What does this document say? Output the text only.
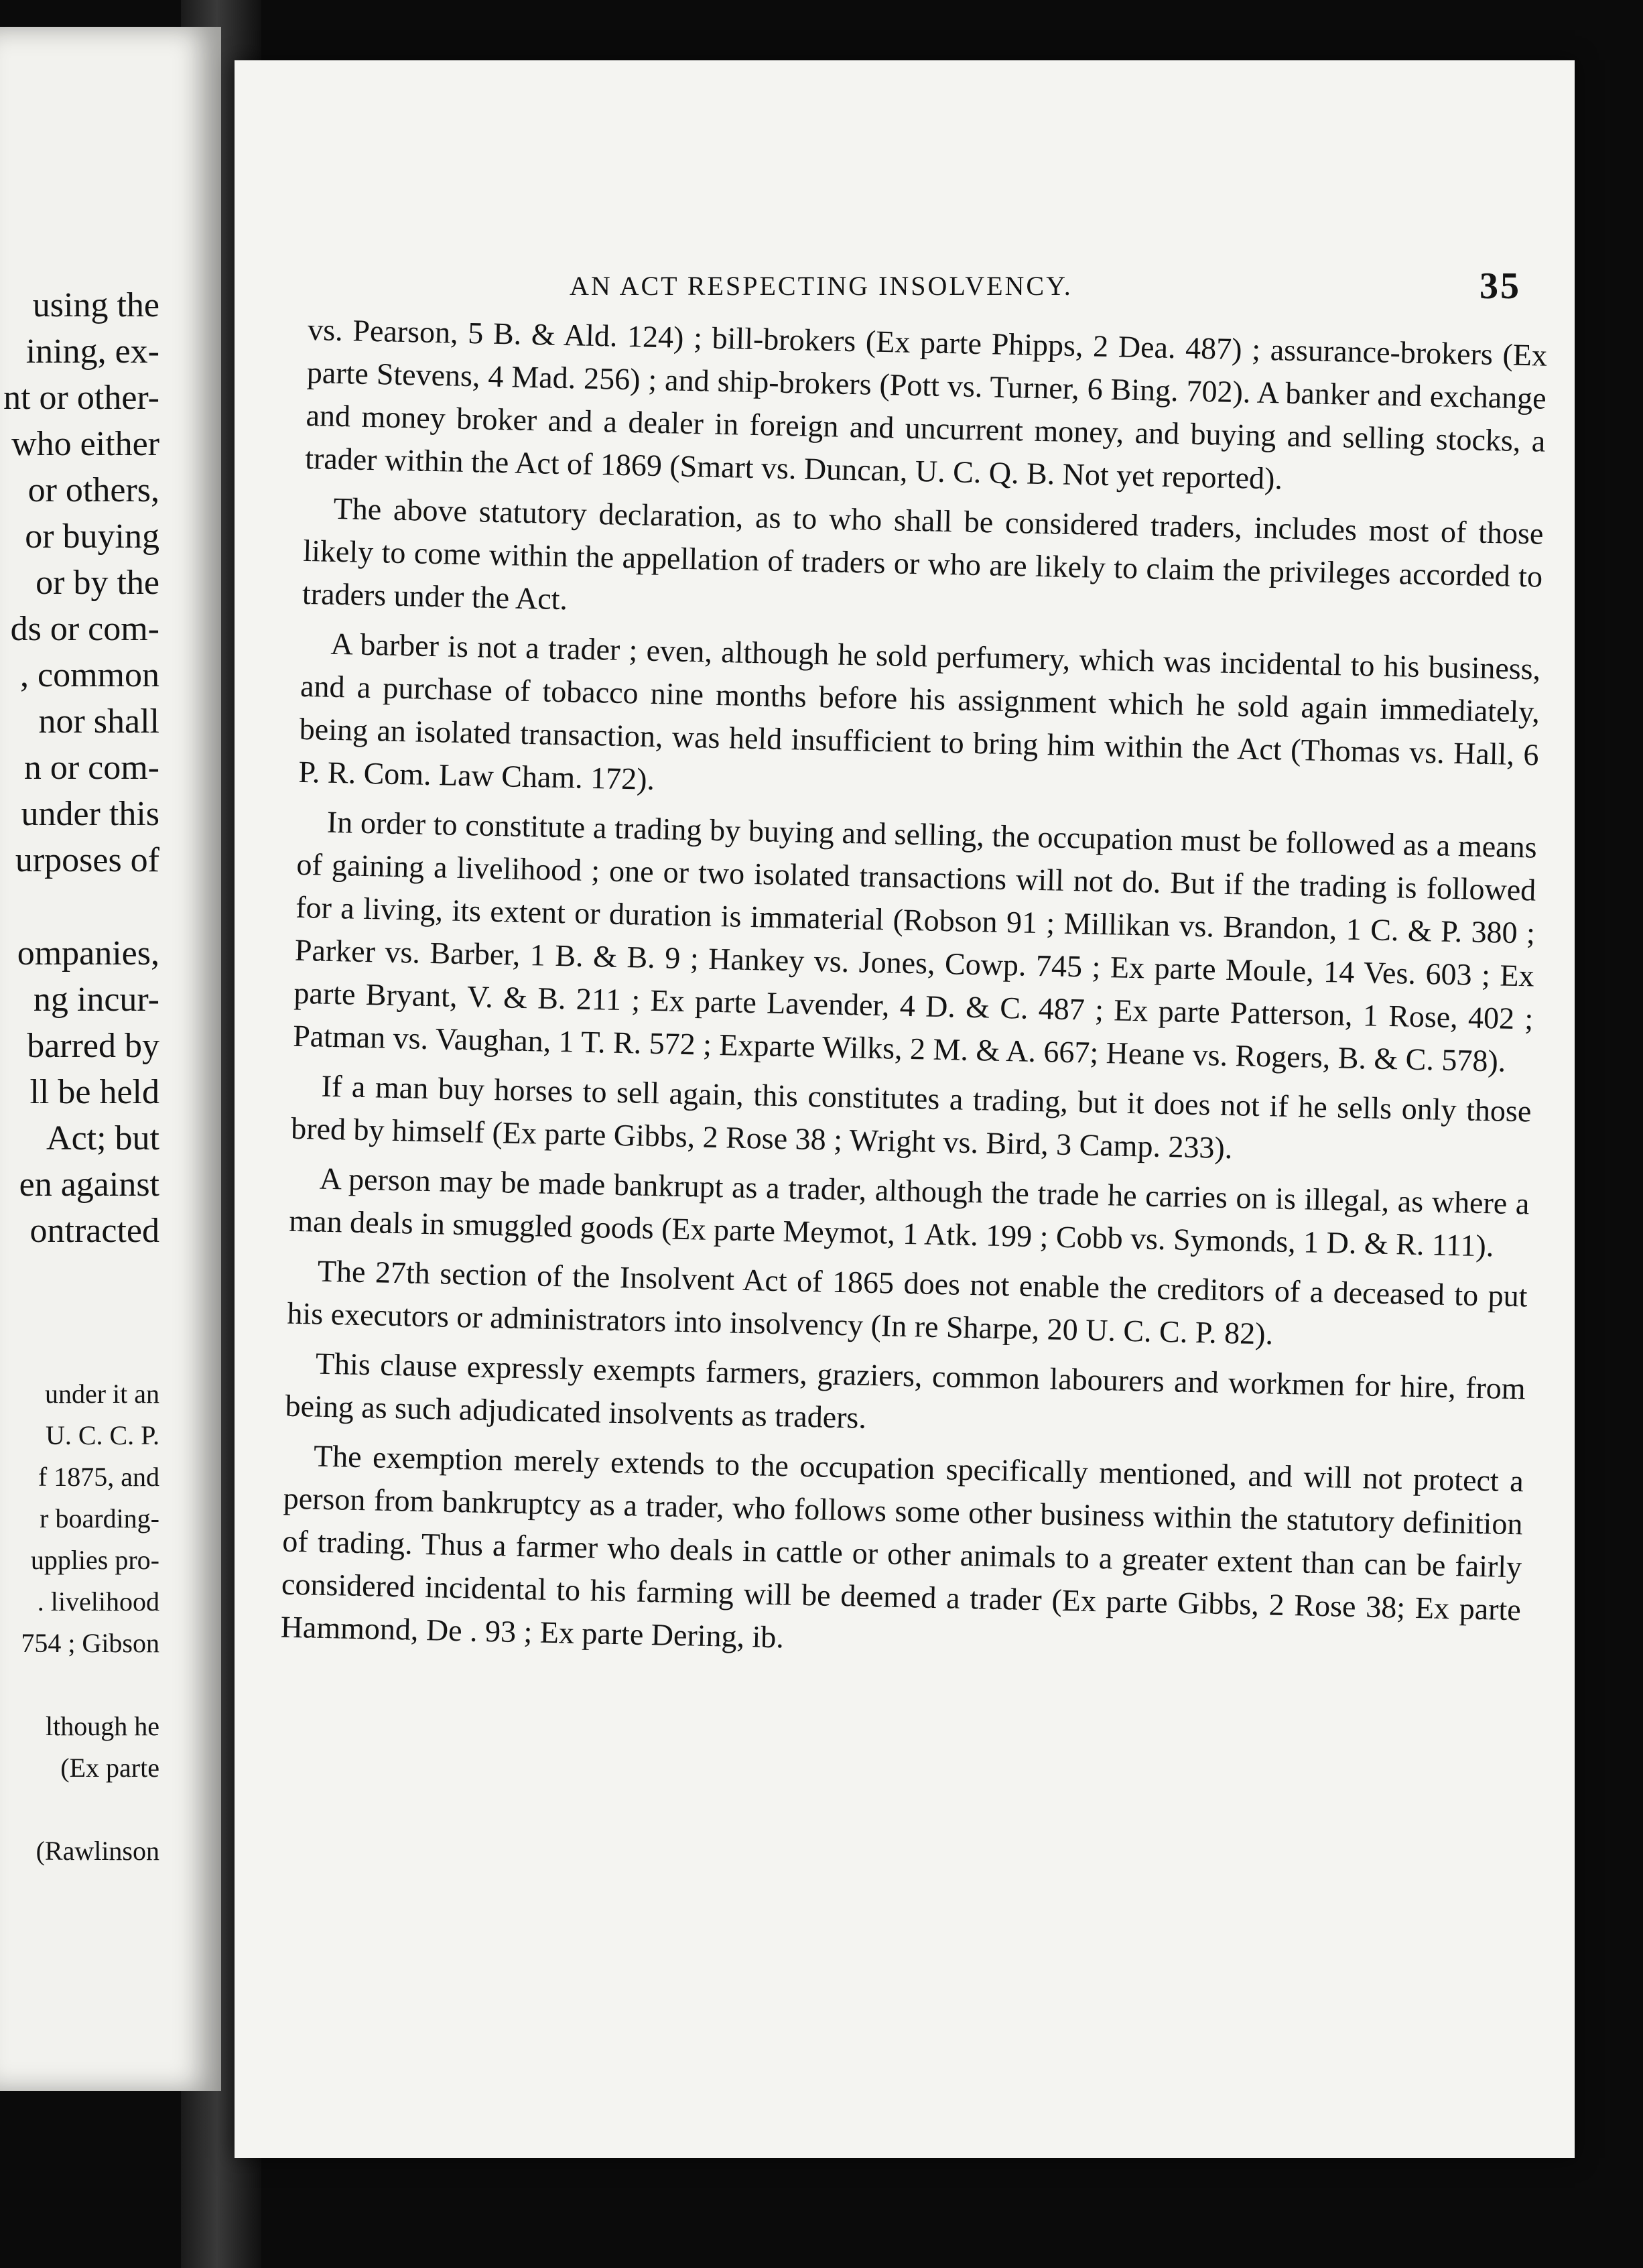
using the
ining, ex-
nt or other-
who either
or others,
or buying
or by the
ds or com-
, common
nor shall
n or com-
under this
urposes of
ompanies,
ng incur-
barred by
ll be held
Act; but
en against
ontracted
under it an
U. C. C. P.
f 1875, and
r boarding-
upplies pro-
. livelihood
754 ; Gibson
lthough he
(Ex parte
(Rawlinson
AN ACT RESPECTING INSOLVENCY.	35

vs. Pearson, 5 B. & Ald. 124) ; bill-brokers (Ex parte Phipps, 2 Dea. 487) ; assurance-brokers (Ex parte Stevens, 4 Mad. 256) ; and ship-brokers (Pott vs. Turner, 6 Bing. 702). A banker and exchange and money broker and a dealer in foreign and uncurrent money, and buying and selling stocks, a trader within the Act of 1869 (Smart vs. Duncan, U. C. Q. B. Not yet reported).

The above statutory declaration, as to who shall be considered traders, includes most of those likely to come within the appellation of traders or who are likely to claim the privileges accorded to traders under the Act.

A barber is not a trader ; even, although he sold perfumery, which was incidental to his business, and a purchase of tobacco nine months before his assignment which he sold again immediately, being an isolated transaction, was held insufficient to bring him within the Act (Thomas vs. Hall, 6 P. R. Com. Law Cham. 172).

In order to constitute a trading by buying and selling, the occupation must be followed as a means of gaining a livelihood ; one or two isolated transactions will not do. But if the trading is followed for a living, its extent or duration is immaterial (Robson 91 ; Millikan vs. Brandon, 1 C. & P. 380 ; Parker vs. Barber, 1 B. & B. 9 ; Hankey vs. Jones, Cowp. 745 ; Ex parte Moule, 14 Ves. 603 ; Ex parte Bryant, V. & B. 211 ; Ex parte Lavender, 4 D. & C. 487 ; Ex parte Patterson, 1 Rose, 402 ; Patman vs. Vaughan, 1 T. R. 572 ; Exparte Wilks, 2 M. & A. 667; Heane vs. Rogers, B. & C. 578).

If a man buy horses to sell again, this constitutes a trading, but it does not if he sells only those bred by himself (Ex parte Gibbs, 2 Rose 38 ; Wright vs. Bird, 3 Camp. 233).

A person may be made bankrupt as a trader, although the trade he carries on is illegal, as where a man deals in smuggled goods (Ex parte Meymot, 1 Atk. 199 ; Cobb vs. Symonds, 1 D. & R. 111).

The 27th section of the Insolvent Act of 1865 does not enable the creditors of a deceased to put his executors or administrators into insolvency (In re Sharpe, 20 U. C. C. P. 82).

This clause expressly exempts farmers, graziers, common labourers and workmen for hire, from being as such adjudicated insolvents as traders.

The exemption merely extends to the occupation specifically mentioned, and will not protect a person from bankruptcy as a trader, who follows some other business within the statutory definition of trading. Thus a farmer who deals in cattle or other animals to a greater extent than can be fairly considered incidental to his farming will be deemed a trader (Ex parte Gibbs, 2 Rose 38; Ex parte Hammond, De . 93 ; Ex parte Dering, ib.
